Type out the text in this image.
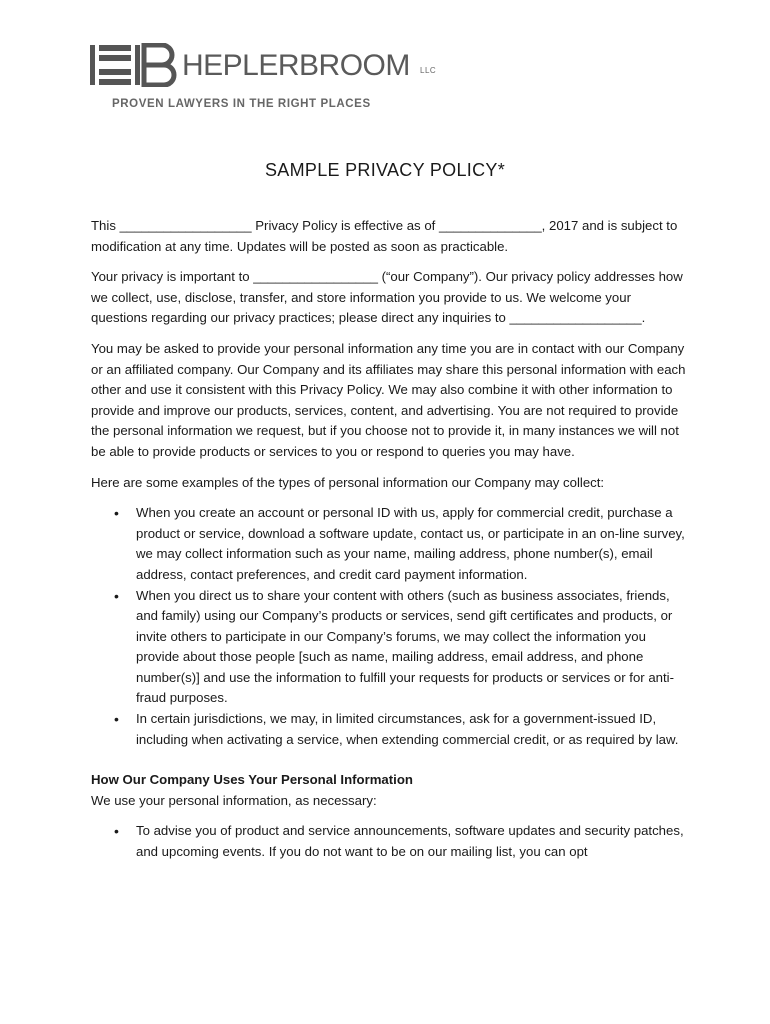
HEPLERBROOM LLC
PROVEN LAWYERS IN THE RIGHT PLACES
SAMPLE PRIVACY POLICY*

This __________________ Privacy Policy is effective as of ______________, 2017 and is subject to modification at any time. Updates will be posted as soon as practicable.

Your privacy is important to _________________ (“our Company”). Our privacy policy addresses how we collect, use, disclose, transfer, and store information you provide to us. We welcome your questions regarding our privacy practices; please direct any inquiries to __________________.

You may be asked to provide your personal information any time you are in contact with our Company or an affiliated company. Our Company and its affiliates may share this personal information with each other and use it consistent with this Privacy Policy. We may also combine it with other information to provide and improve our products, services, content, and advertising. You are not required to provide the personal information we request, but if you choose not to provide it, in many instances we will not be able to provide products or services to you or respond to queries you may have.

Here are some examples of the types of personal information our Company may collect:

• When you create an account or personal ID with us, apply for commercial credit, purchase a product or service, download a software update, contact us, or participate in an on-line survey, we may collect information such as your name, mailing address, phone number(s), email address, contact preferences, and credit card payment information.
• When you direct us to share your content with others (such as business associates, friends, and family) using our Company’s products or services, send gift certificates and products, or invite others to participate in our Company’s forums, we may collect the information you provide about those people [such as name, mailing address, email address, and phone number(s)] and use the information to fulfill your requests for products or services or for anti-fraud purposes.
• In certain jurisdictions, we may, in limited circumstances, ask for a government-issued ID, including when activating a service, when extending commercial credit, or as required by law.

How Our Company Uses Your Personal Information

We use your personal information, as necessary:

• To advise you of product and service announcements, software updates and security patches, and upcoming events. If you do not want to be on our mailing list, you can opt
